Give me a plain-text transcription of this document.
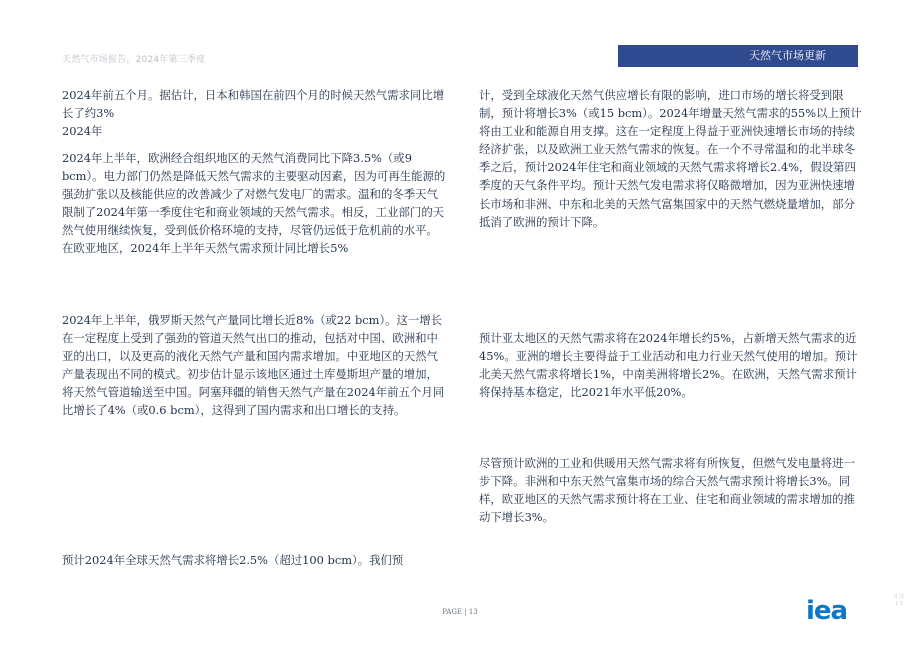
天然气市场报告，2024年第三季度	天然气市场更新

2024年前五个月。据估计，日本和韩国在前四个月的时候天然气需求同比增长了约3%

2024年

2024年上半年，欧洲经合组织地区的天然气消费同比下降3.5%（或9 bcm）。电力部门仍然是降低天然气需求的主要驱动因素，因为可再生能源的强劲扩张以及核能供应的改善减少了对燃气发电厂的需求。温和的冬季天气限制了2024年第一季度住宅和商业领域的天然气需求。相反，工业部门的天然气使用继续恢复，受到低价格环境的支持，尽管仍远低于危机前的水平。在欧亚地区，2024年上半年天然气需求预计同比增长5%

2024年上半年，俄罗斯天然气产量同比增长近8%（或22 bcm）。这一增长在一定程度上受到了强劲的管道天然气出口的推动，包括对中国、欧洲和中亚的出口，以及更高的液化天然气产量和国内需求增加。中亚地区的天然气产量表现出不同的模式。初步估计显示该地区通过土库曼斯坦产量的增加，将天然气管道输送至中国。阿塞拜疆的销售天然气产量在2024年前五个月同比增长了4%（或0.6 bcm），这得到了国内需求和出口增长的支持。

预计2024年全球天然气需求将增长2.5%（超过100 bcm）。我们预

计，受到全球液化天然气供应增长有限的影响，进口市场的增长将受到限制，预计将增长3%（或15 bcm）。2024年增量天然气需求的55%以上预计将由工业和能源自用支撑。这在一定程度上得益于亚洲快速增长市场的持续经济扩张，以及欧洲工业天然气需求的恢复。在一个不寻常温和的北半球冬季之后，预计2024年住宅和商业领域的天然气需求将增长2.4%，假设第四季度的天气条件平均。预计天然气发电需求将仅略微增加，因为亚洲快速增长市场和非洲、中东和北美的天然气富集国家中的天然气燃烧量增加，部分抵消了欧洲的预计下降。

预计亚太地区的天然气需求将在2024年增长约5%，占新增天然气需求的近45%。亚洲的增长主要得益于工业活动和电力行业天然气使用的增加。预计北美天然气需求将增长1%，中南美洲将增长2%。在欧洲，天然气需求预计将保持基本稳定，比2021年水平低20%。

尽管预计欧洲的工业和供暖用天然气需求将有所恢复，但燃气发电量将进一步下降。非洲和中东天然气富集市场的综合天然气需求预计将增长3%。同样，欧亚地区的天然气需求预计将在工业、住宅和商业领域的需求增加的推动下增长3%。

PAGE | 13	iea	II 国 1 3
